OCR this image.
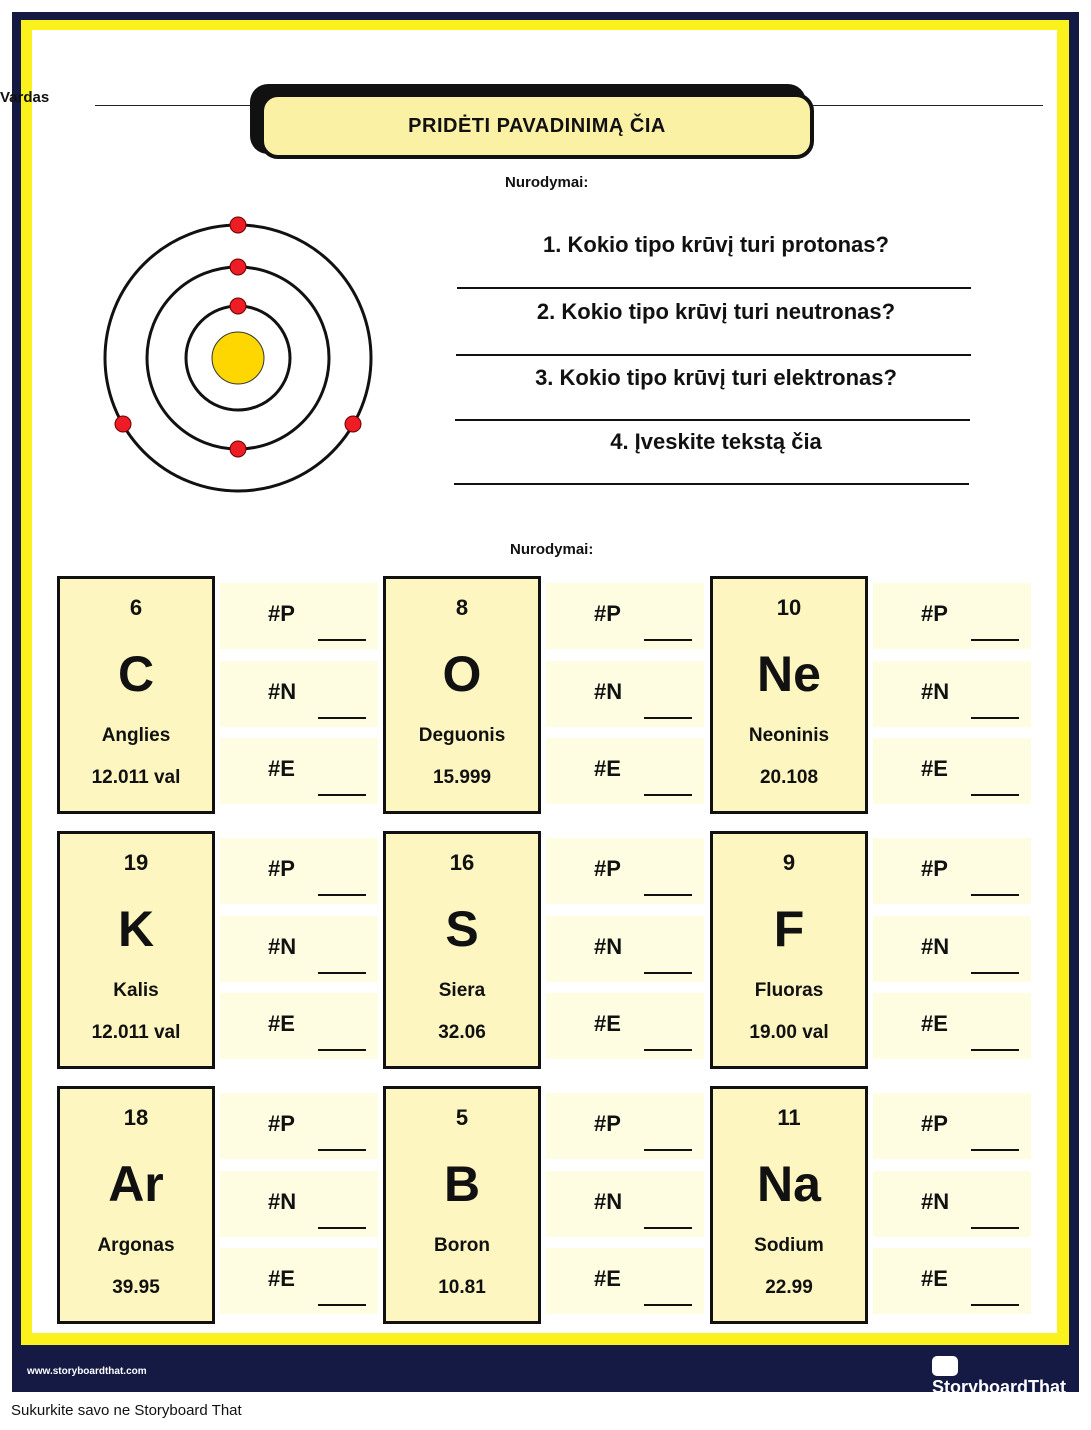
Vardas
PRIDĖTI PAVADINIMĄ ČIA
Nurodymai:
1. Kokio tipo krūvį turi protonas?
2. Kokio tipo krūvį turi neutronas?
3. Kokio tipo krūvį turi elektronas?
4. Įveskite tekstą čia
Nurodymai:
6
C
Anglies
12.011 val
#P
#N
#E
8
O
Deguonis
15.999
#P
#N
#E
10
Ne
Neoninis
20.108
#P
#N
#E
19
K
Kalis
12.011 val
#P
#N
#E
16
S
Siera
32.06
#P
#N
#E
9
F
Fluoras
19.00 val
#P
#N
#E
18
Ar
Argonas
39.95
#P
#N
#E
5
B
Boron
10.81
#P
#N
#E
11
Na
Sodium
22.99
#P
#N
#E
www.storyboardthat.com
StoryboardThat
Sukurkite savo ne Storyboard That
